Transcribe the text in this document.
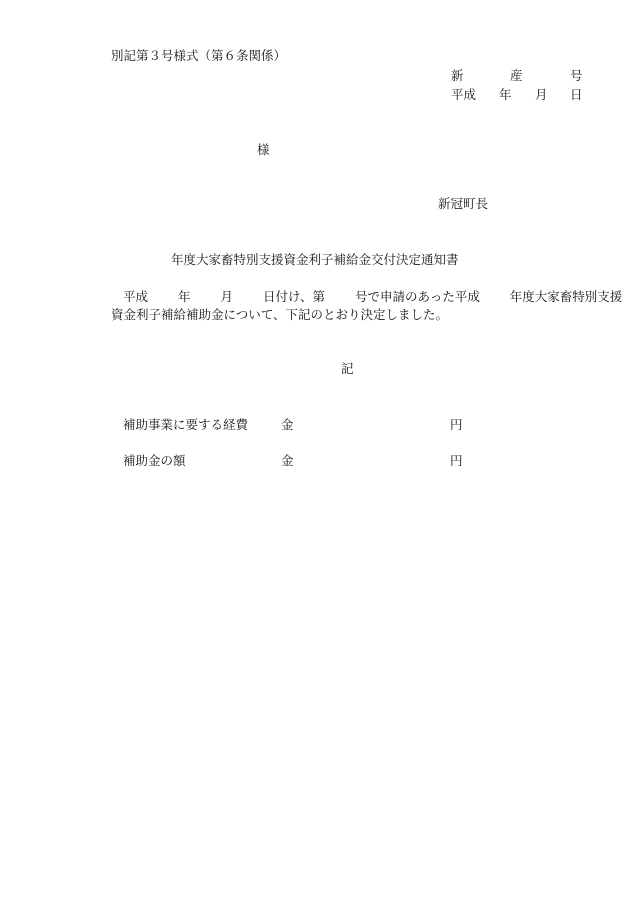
別記第３号様式（第６条関係）
新	産	号
平成 年 月 日
様
新冠町長
年度大家畜特別支援資金利子補給金交付決定通知書
平成 年 月 日付け、第 号で申請のあった平成 年度大家畜特別支援
資金利子補給補助金について、下記のとおり決定しました。
記
補助事業に要する経費	金	円
補助金の額	金	円
